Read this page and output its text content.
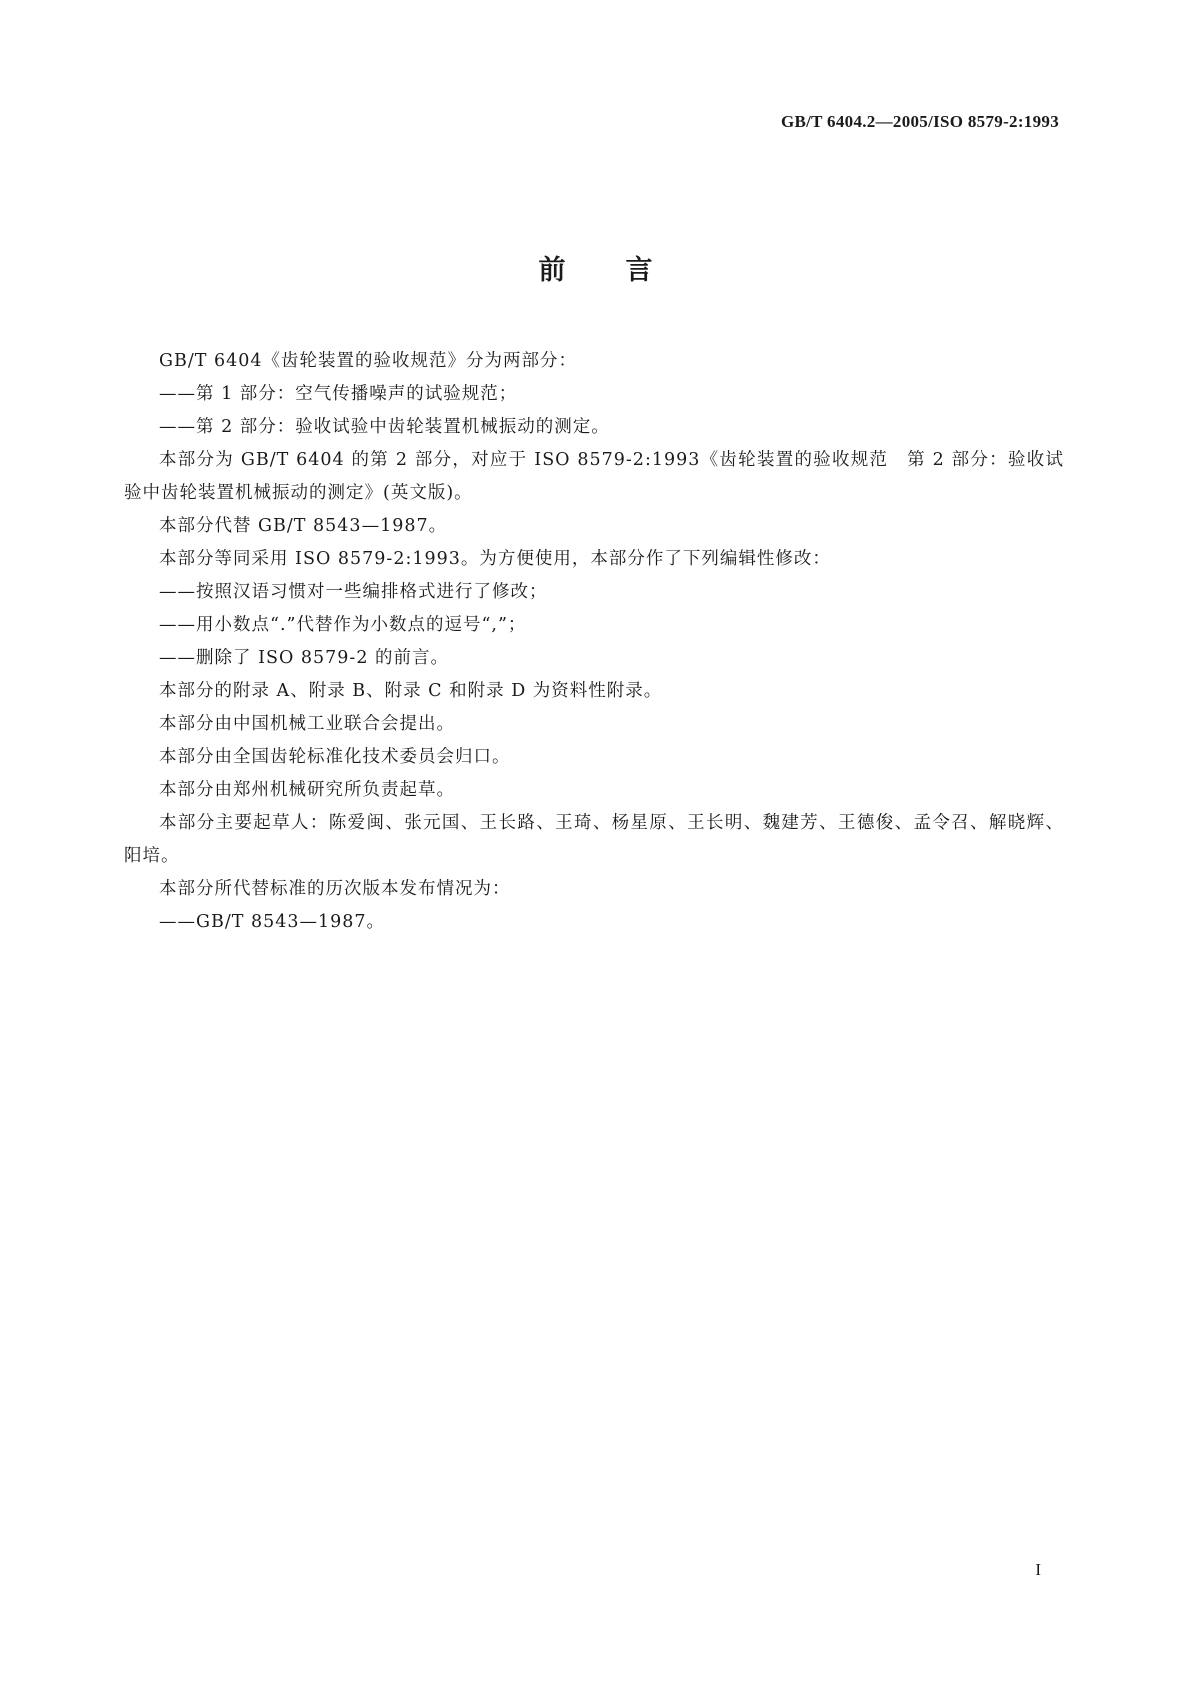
GB/T 6404.2—2005/ISO 8579-2:1993
前言

GB/T 6404《齿轮装置的验收规范》分为两部分：

——第 1 部分：空气传播噪声的试验规范；

——第 2 部分：验收试验中齿轮装置机械振动的测定。

本部分为 GB/T 6404 的第 2 部分，对应于 ISO 8579-2:1993《齿轮装置的验收规范　第 2 部分：验收试验中齿轮装置机械振动的测定》(英文版)。

本部分代替 GB/T 8543—1987。

本部分等同采用 ISO 8579-2:1993。为方便使用，本部分作了下列编辑性修改：

——按照汉语习惯对一些编排格式进行了修改；

——用小数点“.”代替作为小数点的逗号“,”；

——删除了 ISO 8579-2 的前言。

本部分的附录 A、附录 B、附录 C 和附录 D 为资料性附录。

本部分由中国机械工业联合会提出。

本部分由全国齿轮标准化技术委员会归口。

本部分由郑州机械研究所负责起草。

本部分主要起草人：陈爱闽、张元国、王长路、王琦、杨星原、王长明、魏建芳、王德俊、孟令召、解晓辉、阳培。

本部分所代替标准的历次版本发布情况为：

——GB/T 8543—1987。

I
